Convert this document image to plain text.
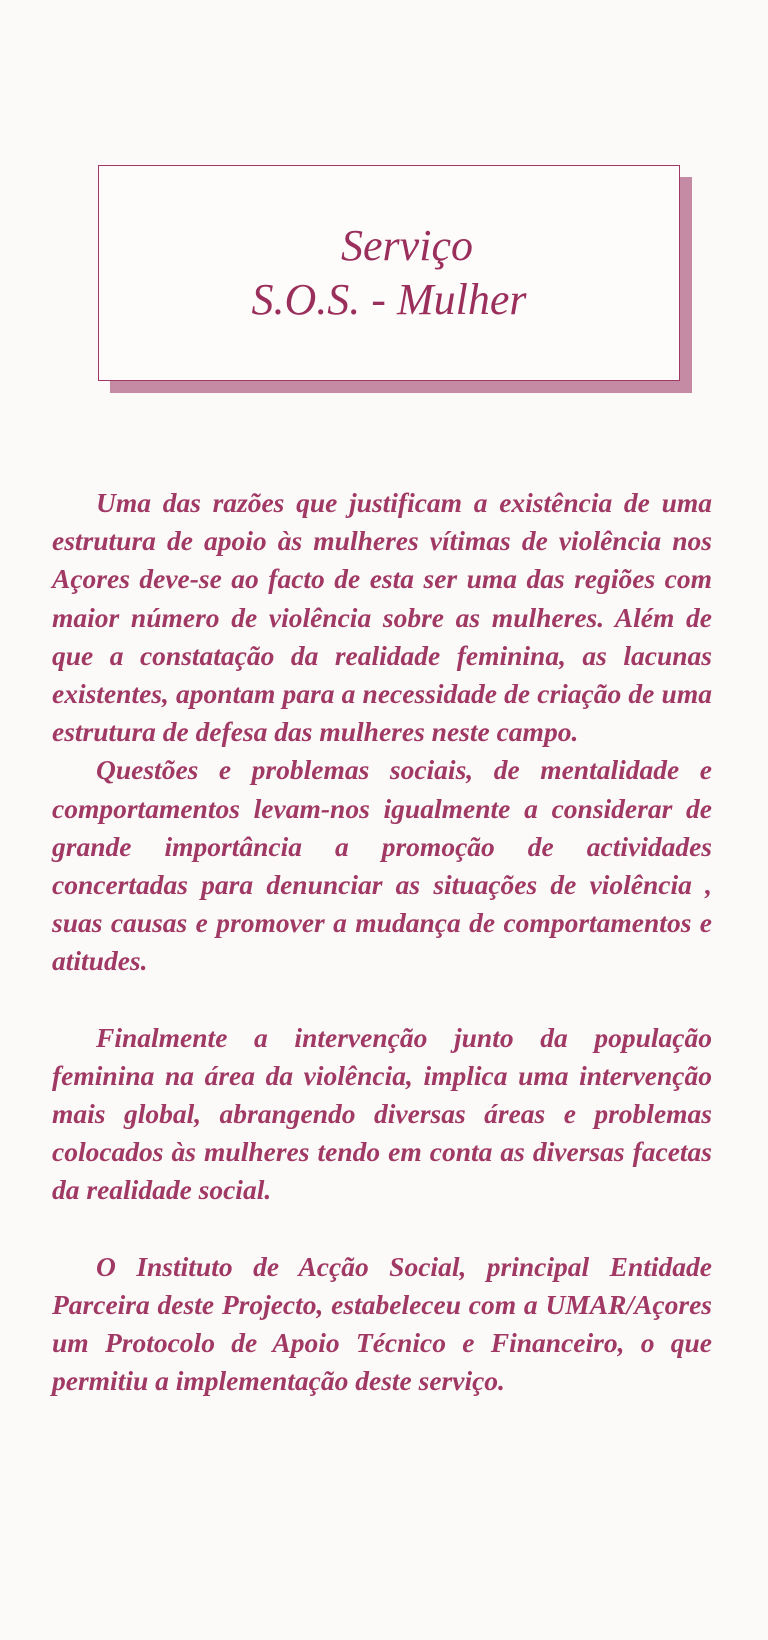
Serviço

S.O.S. - Mulher

Uma das razões que justificam a existência de uma estrutura de apoio às mulheres vítimas de violência nos Açores deve-se ao facto de esta ser uma das regiões com maior número de violência sobre as mulheres. Além de que a constatação da realidade feminina, as lacunas existentes, apontam para a necessidade de criação de uma estrutura de defesa das mulheres neste campo.

Questões e problemas sociais, de mentalidade e comportamentos levam-nos igualmente a considerar de grande importância a promoção de actividades concertadas para denunciar as situações de violência , suas causas e promover a mudança de comportamentos e atitudes.

Finalmente a intervenção junto da população feminina na área da violência, implica uma intervenção mais global, abrangendo diversas áreas e problemas colocados às mulheres tendo em conta as diversas facetas da realidade social.

O Instituto de Acção Social, principal Entidade Parceira deste Projecto, estabeleceu com a UMAR/Açores um Protocolo de Apoio Técnico e Financeiro, o que permitiu a implementação deste serviço.
